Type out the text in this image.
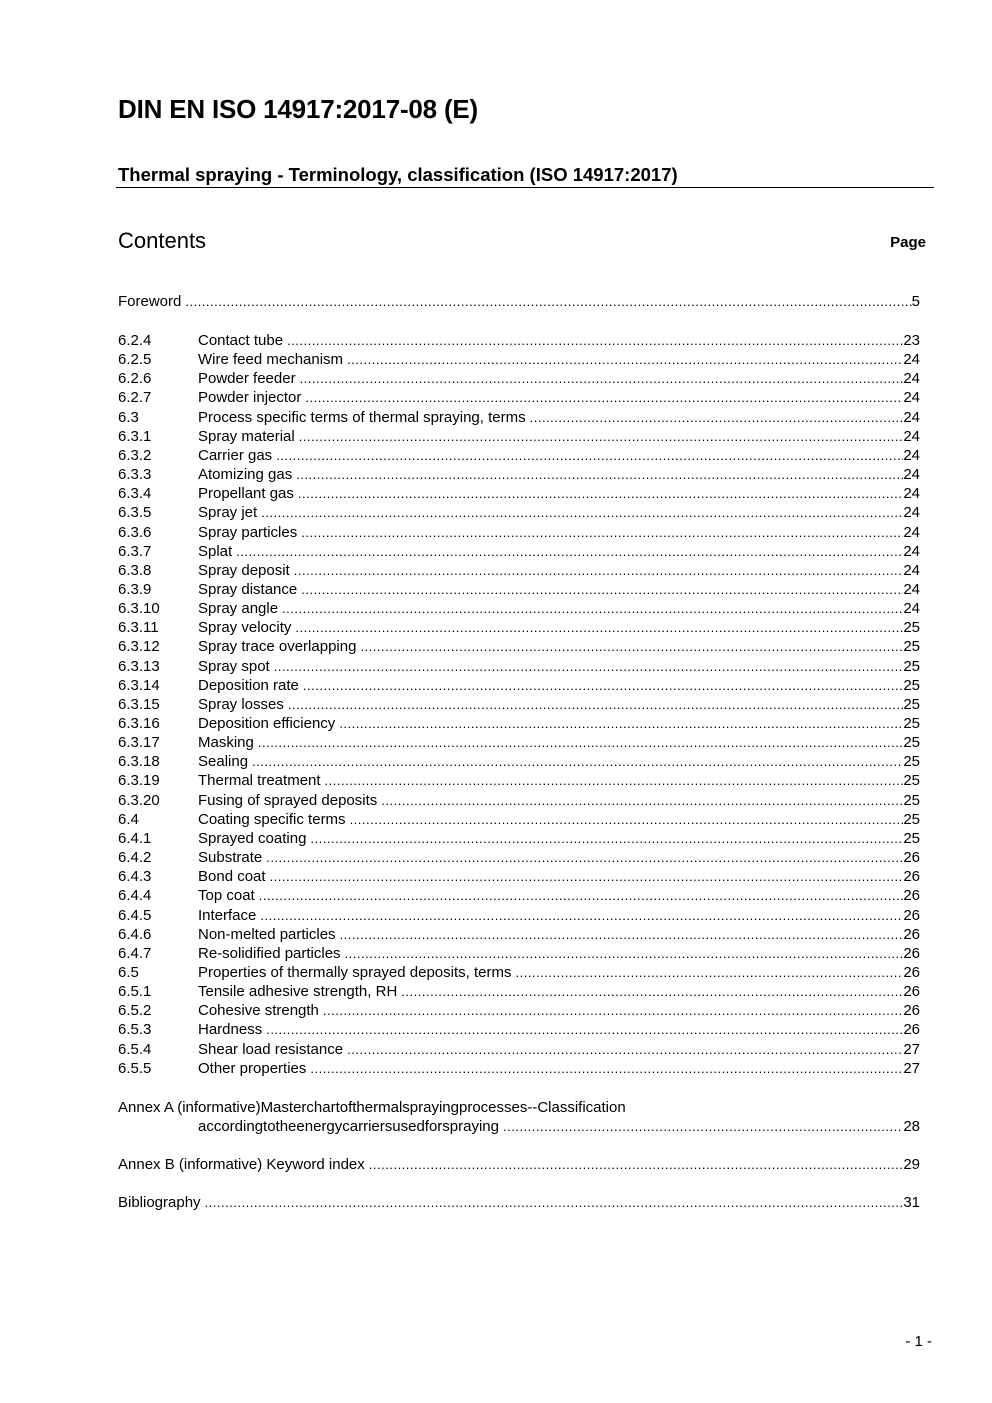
DIN EN ISO 14917:2017-08 (E)
Thermal spraying - Terminology, classification (ISO 14917:2017)
Contents	Page
Foreword .....	5
6.2.4	Contact tube .....	23
6.2.5	Wire feed mechanism .....	24
6.2.6	Powder feeder .....	24
6.2.7	Powder injector .....	24
6.3	Process specific terms of thermal spraying, terms .....	24
6.3.1	Spray material .....	24
6.3.2	Carrier gas .....	24
6.3.3	Atomizing gas .....	24
6.3.4	Propellant gas .....	24
6.3.5	Spray jet .....	24
6.3.6	Spray particles .....	24
6.3.7	Splat .....	24
6.3.8	Spray deposit .....	24
6.3.9	Spray distance .....	24
6.3.10	Spray angle .....	24
6.3.11	Spray velocity .....	25
6.3.12	Spray trace overlapping .....	25
6.3.13	Spray spot .....	25
6.3.14	Deposition rate .....	25
6.3.15	Spray losses .....	25
6.3.16	Deposition efficiency .....	25
6.3.17	Masking .....	25
6.3.18	Sealing .....	25
6.3.19	Thermal treatment .....	25
6.3.20	Fusing of sprayed deposits .....	25
6.4	Coating specific terms .....	25
6.4.1	Sprayed coating .....	25
6.4.2	Substrate .....	26
6.4.3	Bond coat .....	26
6.4.4	Top coat .....	26
6.4.5	Interface .....	26
6.4.6	Non-melted particles .....	26
6.4.7	Re-solidified particles .....	26
6.5	Properties of thermally sprayed deposits, terms .....	26
6.5.1	Tensile adhesive strength, RH .....	26
6.5.2	Cohesive strength .....	26
6.5.3	Hardness .....	26
6.5.4	Shear load resistance .....	27
6.5.5	Other properties .....	27
Annex A (informative)Masterchartofthermalsprayingprocesses--Classification
accordingtotheenergycarriersusedforspraying .....	28
Annex B (informative) Keyword index .....	29
Bibliography .....	31
- 1 -
